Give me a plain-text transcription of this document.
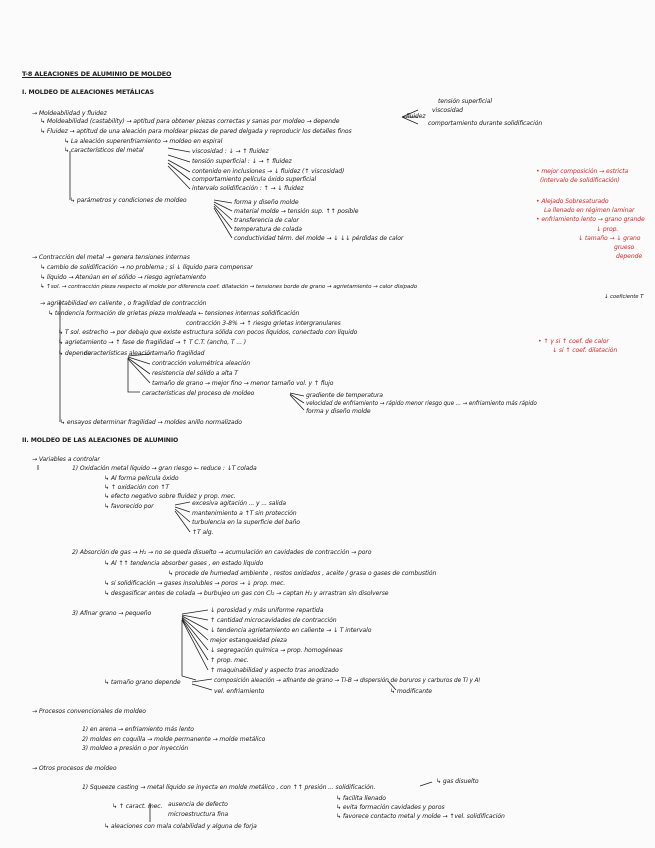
T-8 ALEACIONES DE ALUMINIO DE MOLDEO
I. MOLDEO DE ALEACIONES METÁLICAS
→ Moldeabilidad y fluidez
↳ Moldeabilidad (castability) → aptitud para obtener piezas correctas y sanas por moldeo → depende
tensión superficial
viscosidad
fluidez
comportamiento durante solidificación
↳ Fluidez → aptitud de una aleación para moldear piezas de pared delgada y reproducir los detalles finos
↳ La aleación superenfriamiento → moldeo en espiral
↳ característicos del metal	viscosidad : ↓ → ↑ fluidez
tensión superficial : ↓ → ↑ fluidez
contenido en inclusiones → ↓ fluidez (↑ viscosidad)
comportamiento película óxido superficial
intervalo solidificación : ↑ → ↓ fluidez
↳ parámetros y condiciones de moldeo	forma y diseño molde
material molde → tensión sup. ↑↑ posible
transferencia de calor
temperatura de colada
conductividad térm. del molde → ↓ ↓↓ pérdidas de calor
→ Contracción del metal → genera tensiones internas
↳ cambio de solidificación → no problema ; si ↓ líquido para compensar
↳ líquido → Atenúan en el sólido → riesgo agrietamiento
↳ ↑sol. → contracción pieza respecto al molde por diferencia coef. dilatación → tensiones borde de grano → agrietamiento → calor disipado
↓ coeficiente T
→ agrietabilidad en caliente , o fragilidad de contracción
↳ tendencia formación de grietas pieza moldeada ← tensiones internas solidificación
contracción 3-8% → ↑ riesgo grietas intergranulares
↳ T sol. estrecho → por debajo que existe estructura sólida con pocos líquidos, conectado con líquido
↳ agrietamiento → ↑ fase de fragilidad → ↑ T C.T. (ancho, T ... )
↳ depende
características aleación
tamaño fragilidad
contracción volumétrica aleación
resistencia del sólido a alta T
tamaño de grano → mejor fino → menor tamaño vol. y ↑ flujo
características del proceso de moldeo	gradiente de temperatura
velocidad de enfriamiento → rápido menor riesgo que ... → enfriamiento más rápido
forma y diseño molde
↳ ensayos determinar fragilidad → moldes anillo normalizado
II. MOLDEO DE LAS ALEACIONES DE ALUMINIO
→ Variables a controlar
1) Oxidación metal líquido → gran riesgo ← reduce : ↓T colada
↳ Al forma película óxido
↳ ↑ oxidación con ↑T
↳ efecto negativo sobre fluidez y prop. mec.
↳ favorecido por	excesiva agitación ... y ... salida
mantenimiento a ↑T sin protección
turbulencia en la superficie del baño
↑T alg.
2) Absorción de gas → H₂ → no se queda disuelto → acumulación en cavidades de contracción → poro
↳ Al ↑↑ tendencia absorber gases , en estado líquido
↳ procede de humedad ambiente , restos oxidados , aceite / grasa o gases de combustión
↳ si solidificación → gases insolubles → poros → ↓ prop. mec.
↳ desgasificar antes de colada → burbujeo un gas con Cl₂ → captan H₂ y arrastran sin disolverse
3) Afinar grano → pequeño	↓ porosidad y más uniforme repartida
↑ cantidad microcavidades de contracción
↓ tendencia agrietamiento en caliente → ↓ T intervalo
mejor estanqueidad pieza
↓ segregación química → prop. homogéneas
↑ prop. mec.
↑ maquinabilidad y aspecto tras anodizado
↳ tamaño grano depende	composición aleación → afinante de grano → Ti-B → dispersión de boruros y carburos de Ti y Al
vel. enfriamiento	↳ modificante
→ Procesos convencionales de moldeo
1) en arena → enfriamiento más lento
2) moldes en coquilla → molde permanente → molde metálico
3) moldeo a presión o por inyección
→ Otros procesos de moldeo
1) Squeeze casting → metal líquido se inyecta en molde metálico , con ↑↑ presión ... solidificación.
↳ ↑ caract. mec. ausencia de defecto
microestructura fina
↳ facilita llenado
↳ evita formación cavidades y poros
↳ favorece contacto metal y molde → ↑vel. solidificación
↳ gas disuelto
↳ aleaciones con mala colabilidad y alguna de forja
• mejor composición → estricta
(intervalo de solidificación)
• Alejado Sobresaturado
La llenado en régimen laminar
• enfriamiento lento → grano grande
↓ prop.
↓ tamaño → ↓ grano
grueso
depende
• ↑ γ si ↑ coef. de calor
↓ si ↑ coef. dilatación
